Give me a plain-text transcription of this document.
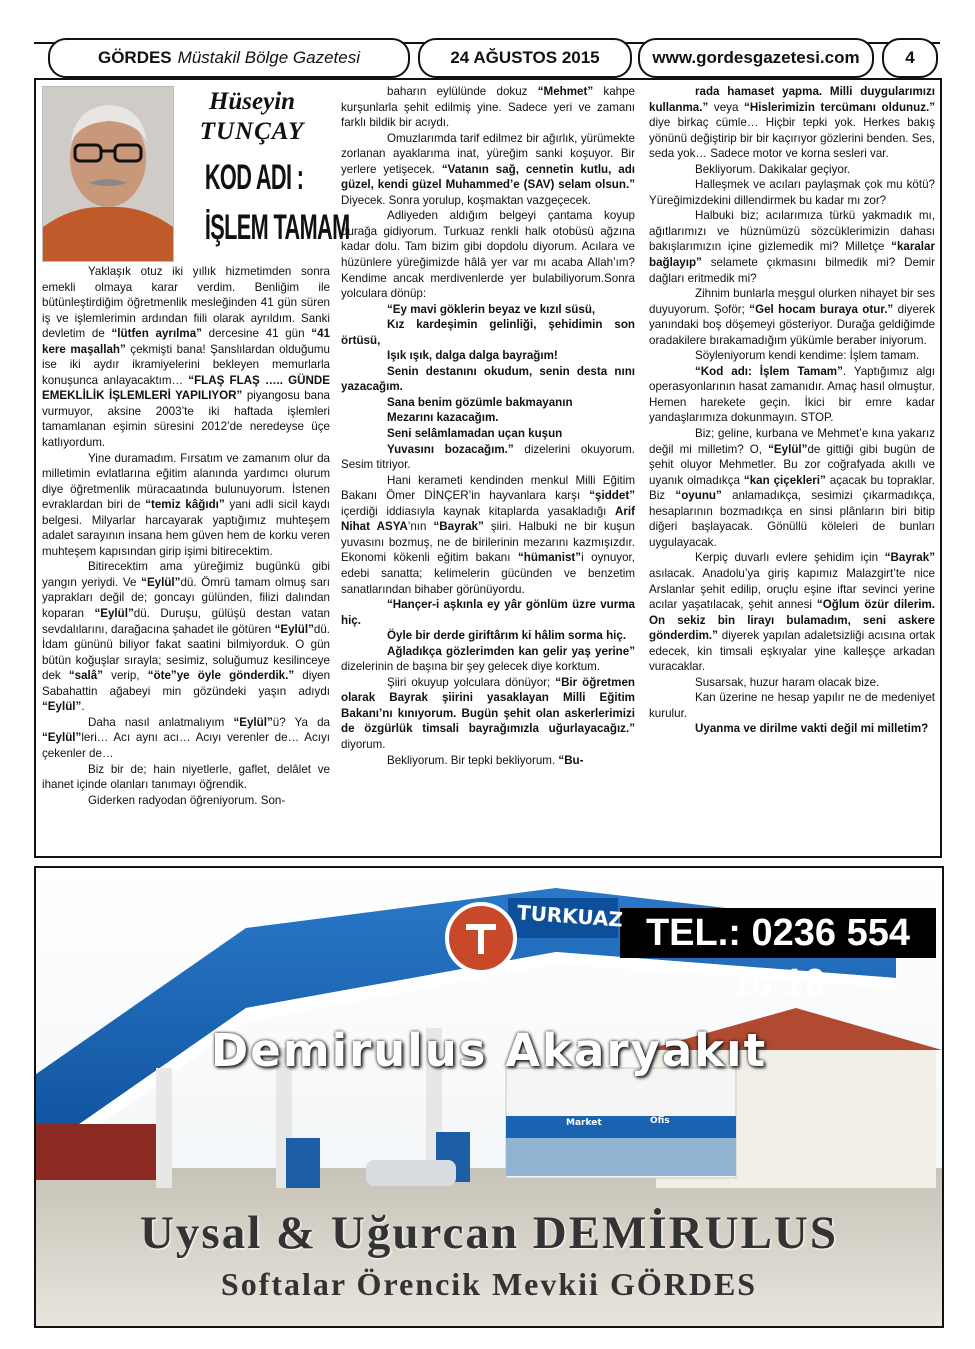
GÖRDES Müstakil Bölge Gazetesi	24 AĞUSTOS 2015	www.gordesgazetesi.com	4
Hüseyin
TUNÇAY
KOD ADI :
İŞLEM TAMAM

Yaklaşık otuz iki yıllık hizmetimden sonra emekli olmaya karar verdim. Benliğim ile bütünleştirdiğim öğretmenlik mesleğinden 41 gün süren iş ve işlemlerimin ardından fiili olarak ayrıldım. Sanki devletim de “lütfen ayrılma” dercesine 41 gün “41 kere maşallah” çekmişti bana! Şanslılardan olduğumu ise iki aydır ikramiyelerini bekleyen memurlarla konuşunca anlayacaktım… “FLAŞ FLAŞ ….. GÜNDE EMEKLİLİK İŞLEMLERİ YAPILIYOR” piyangosu bana vurmuyor, aksine 2003’te iki haftada işlemleri tamamlanan eşimin süresini 2012’de neredeyse üçe katlıyordum.

Yine duramadım. Fırsatım ve zamanım olur da milletimin evlatlarına eğitim alanında yardımcı olurum diye öğretmenlik müracaatında bulunuyorum. İstenen evraklardan biri de “temiz kâğıdı” yani adli sicil kaydı belgesi. Milyarlar harcayarak yaptığımız muhteşem adalet sarayının insana hem güven hem de korku veren muhteşem kapısından girip işimi bitirecektim.

Bitirecektim ama yüreğimiz bugünkü gibi yangın yeriydi. Ve “Eylül”dü. Ömrü tamam olmuş sarı yaprakları değil de; goncayı gülünden, filizi dalından koparan “Eylül”dü. Duruşu, gülüşü destan vatan sevdalılarını, darağacına şahadet ile götüren “Eylül”dü. İdam gününü biliyor fakat saatini bilmiyorduk. O gün bütün koğuşlar sırayla; sesimiz, soluğumuz kesilinceye dek “salâ” verip, “öte”ye öyle gönderdik.” diyen Sabahattin ağabeyi min gözündeki yaşın adıydı “Eylül”.

Daha nasıl anlatmalıyım “Eylül”ü? Ya da “Eylül”leri… Acı aynı acı… Acıyı verenler de… Acıyı çekenler de…

Biz bir de; hain niyetlerle, gaflet, delâlet ve ihanet içinde olanları tanımayı öğrendik.

Giderken radyodan öğreniyorum. Son-

baharın eylülünde dokuz “Mehmet” kahpe kurşunlarla şehit edilmiş yine. Sadece yeri ve zamanı farklı bildik bir acıydı.

Omuzlarımda tarif edilmez bir ağırlık, yürümekte zorlanan ayaklarıma inat, yüreğim sanki koşuyor. Bir yerlere yetişecek. “Vatanın sağ, cennetin kutlu, adı güzel, kendi güzel Muhammed’e (SAV) selam olsun.” Diyecek. Sonra yorulup, koşmaktan vazgeçecek.

Adliyeden aldığım belgeyi çantama koyup durağa gidiyorum. Turkuaz renkli halk otobüsü ağzına kadar dolu. Tam bizim gibi dopdolu diyorum. Acılara ve hüzünlere yüreğimizde hâlâ yer var mı acaba Allah’ım? Kendime ancak merdivenlerde yer bulabiliyorum.Sonra yolculara dönüp:

“Ey mavi göklerin beyaz ve kızıl süsü,

Kız kardeşimin gelinliği, şehidimin son örtüsü,

Işık ışık, dalga dalga bayrağım!

Senin destanını okudum, senin desta nını yazacağım.

Sana benim gözümle bakmayanın

Mezarını kazacağım.

Seni selâmlamadan uçan kuşun

Yuvasını bozacağım.” dizelerini okuyorum. Sesim titriyor.

Hani kerameti kendinden menkul Milli Eğitim Bakanı Ömer DİNÇER’in hayvanlara karşı “şiddet” içerdiği iddiasıyla kaynak kitaplarda yasakladığı Arif Nihat ASYA’nın “Bayrak” şiiri. Halbuki ne bir kuşun yuvasını bozmuş, ne de birilerinin mezarını kazmışızdır. Ekonomi kökenli eğitim bakanı “hümanist”i oynuyor, edebi sanatta; kelimelerin gücünden ve benzetim sanatlarından bihaber görünüyordu.

“Hançer-i aşkınla ey yâr gönlüm üzre vurma hiç.

Öyle bir derde giriftârım ki hâlim sorma hiç.

Ağladıkça gözlerimden kan gelir yaş yerine” dizelerinin de başına bir şey gelecek diye korktum.

Şiiri okuyup yolculara dönüyor; “Bir öğretmen olarak Bayrak şiirini yasaklayan Milli Eğitim Bakanı’nı kınıyorum. Bugün şehit olan askerlerimizi de özgürlük timsali bayrağımızla uğurlayacağız.” diyorum.

Bekliyorum. Bir tepki bekliyorum. “Bu-

rada hamaset yapma. Milli duygularımızı kullanma.” veya “Hislerimizin tercümanı oldunuz.” diye birkaç cümle… Hiçbir tepki yok. Herkes bakış yönünü değiştirip bir bir kaçırıyor gözlerini benden. Ses, seda yok… Sadece motor ve korna sesleri var.

Bekliyorum. Dakikalar geçiyor.

Halleşmek ve acıları paylaşmak çok mu kötü? Yüreğimizdekini dillendirmek bu kadar mı zor?

Halbuki biz; acılarımıza türkü yakmadık mı, ağıtlarımızı ve hüznümüzü sözcüklerimizin dahası bakışlarımızın içine gizlemedik mi? Milletçe “karalar bağlayıp” selamete çıkmasını bilmedik mi? Demir dağları eritmedik mi?

Zihnim bunlarla meşgul olurken nihayet bir ses duyuyorum. Şoför; “Gel hocam buraya otur.” diyerek yanındaki boş döşemeyi gösteriyor. Durağa geldiğimde oradakilere bırakamadığım yükümle beraber iniyorum.

Söyleniyorum kendi kendime: İşlem tamam.

“Kod adı: İşlem Tamam”. Yaptığımız algı operasyonlarının hasat zamanıdır. Amaç hasıl olmuştur. Hemen harekete geçin. İkici bir emre kadar yandaşlarımıza dokunmayın. STOP.

Biz; geline, kurbana ve Mehmet’e kına yakarız değil mi milletim? O, “Eylül”de gittiği gibi bugün de şehit oluyor Mehmetler. Bu zor coğrafyada akıllı ve uyanık olmadıkça “kan çiçekleri” açacak bu topraklar. Biz “oyunu” anlamadıkça, sesimizi çıkarmadıkça, hesaplarının bozmadıkça en sinsi plânların biri bitip diğeri başlayacak. Gönüllü köleleri de bunları uygulayacak.

Kerpiç duvarlı evlere şehidim için “Bayrak” asılacak. Anadolu’ya giriş kapımız Malazgirt’te nice Arslanlar şehit edilip, oruçlu eşine iftar sevinci yerine acılar yaşatılacak, şehit annesi “Oğlum özür dilerim. On sekiz bin lirayı bulamadım, seni askere gönderdim.” diyerek yapılan adaletsizliği acısına ortak edecek, kin timsali eşkıyalar yine kalleşçe arkadan vuracaklar.

Susarsak, huzur haram olacak bize.

Kan üzerine ne hesap yapılır ne de medeniyet kurulur.

Uyanma ve dirilme vakti değil mi milletim?

TEL.: 0236 554 10 10
TURKUAZ
Market	Ofis
Demirulus Akaryakıt
Uysal & Uğurcan DEMİRULUS
Softalar Örencik Mevkii GÖRDES
